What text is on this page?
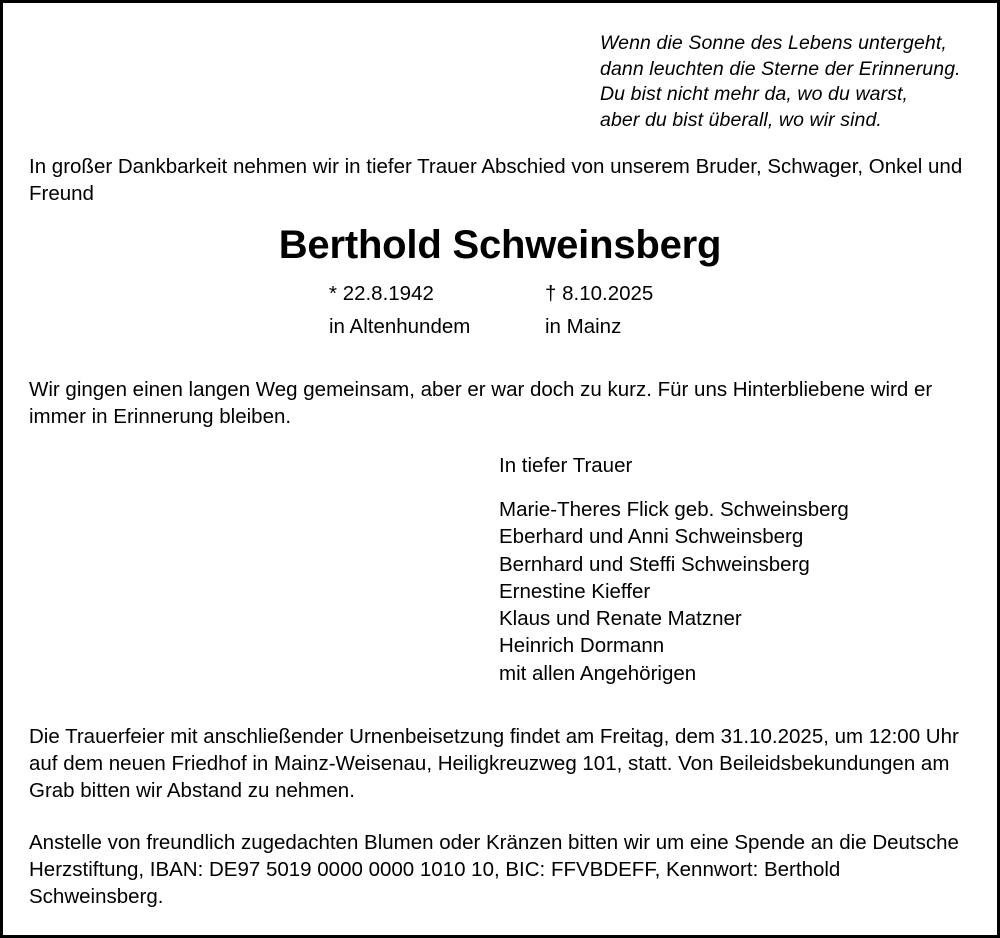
Wenn die Sonne des Lebens untergeht,
dann leuchten die Sterne der Erinnerung.
Du bist nicht mehr da, wo du warst,
aber du bist überall, wo wir sind.
In großer Dankbarkeit nehmen wir in tiefer Trauer Abschied von unserem Bruder, Schwager, Onkel und Freund
Berthold Schweinsberg
* 22.8.1942	† 8.10.2025
in Altenhundem	in Mainz
Wir gingen einen langen Weg gemeinsam, aber er war doch zu kurz. Für uns Hinterbliebene wird er immer in Erinnerung bleiben.
In tiefer Trauer
Marie-Theres Flick geb. Schweinsberg
Eberhard und Anni Schweinsberg
Bernhard und Steffi Schweinsberg
Ernestine Kieffer
Klaus und Renate Matzner
Heinrich Dormann
mit allen Angehörigen
Die Trauerfeier mit anschließender Urnenbeisetzung findet am Freitag, dem 31.10.2025, um 12:00 Uhr auf dem neuen Friedhof in Mainz-Weisenau, Heiligkreuzweg 101, statt. Von Beileidsbekundungen am Grab bitten wir Abstand zu nehmen.
Anstelle von freundlich zugedachten Blumen oder Kränzen bitten wir um eine Spende an die Deutsche Herzstiftung, IBAN: DE97 5019 0000 0000 1010 10, BIC: FFVBDEFF, Kennwort: Berthold Schweinsberg.
